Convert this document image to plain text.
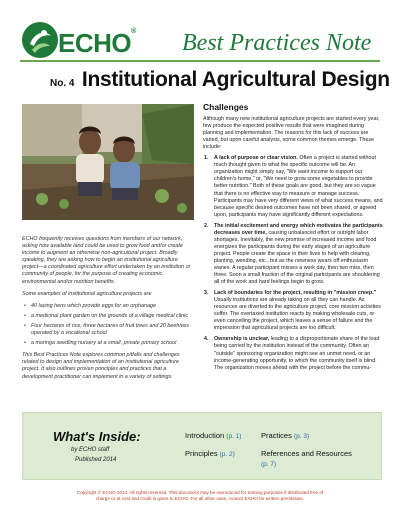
ECHO® Best Practices Note
No. 4 Institutional Agricultural Design

ECHO frequently receives questions from members of our network, asking how available land could be used to grow food and/or create income to augment an otherwise non-agricultural project. Broadly speaking, they are asking how to begin an institutional agriculture project—a coordinated agriculture effort undertaken by an institution or community of people, for the purpose of creating economic, environmental and/or nutrition benefits.

Some examples of institutional agriculture projects are

• 40 laying hens which provide eggs for an orphanage
• a medicinal plant garden on the grounds of a village medical clinic
• Four hectares of rice, three hectares of fruit trees and 20 beehives operated by a vocational school
• a moringa seedling nursery at a small, private primary school

This Best Practices Note explores common pitfalls and challenges related to design and implementation of an institutional agriculture project. It also outlines proven principles and practices that a development practitioner can implement in a variety of settings.

Challenges

Although many new institutional agriculture projects are started every year, few produce the expected positive results that were imagined during planning and implementation. The reasons for this lack of success are varied, but upon careful analysis, some common themes emerge. These include:

1. A lack of purpose or clear vision. Often a project is started without much thought given to what the specific outcome will be. An organization might simply say, "We want income to support our children's home," or, "We need to grow some vegetables to provide better nutrition." Both of these goals are good, but they are so vague that there is no effective way to measure or manage success. Participants may have very different views of what success means, and because specific desired outcomes have not been shared, or agreed upon, participants may have significantly different expectations.
2. The initial excitement and energy which motivates the participants decreases over time, causing unbalanced effort or outright labor shortages. Inevitably, the new promise of increased income and food energizes the participants during the early stages of an agriculture project. People create the space in their lives to help with clearing, planting, weeding, etc., but as the newness wears off enthusiasm wanes. A regular participant misses a work day, then two miss, then three. Soon a small fraction of the original participants are shouldering all of the work and hard feelings begin to grow.
3. Lack of boundaries for the project, resulting in "mission creep." Usually institutions are already taking on all they can handle. As resources are diverted to the agriculture project, core mission activities suffer. The overtaxed institution reacts by making wholesale cuts, or even cancelling the project, which leaves a sense of failure and the impression that agricultural projects are too difficult.
4. Ownership is unclear, leading to a disproportionate share of the load being carried by the institution instead of the community. Often an "outside" sponsoring organization might see an unmet need, or an income-generating opportunity, to which the community itself is blind. The organization moves ahead with the project before the commu-
What's Inside:
by ECHO staff
Published 2014
Introduction (p. 1)
Principles (p. 2)
Practices (p. 3)
References and Resources (p. 7)
Copyright © ECHO 2014. All rights reserved. This document may be reproduced for training purposes if distributed free of
charge or at cost and credit is given to ECHO. For all other uses, contact ECHO for written permission.
